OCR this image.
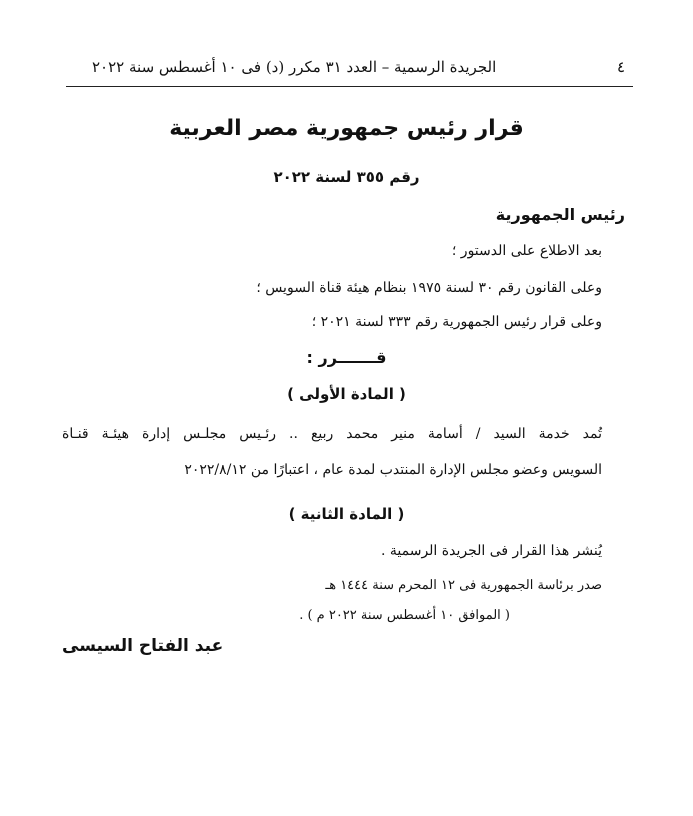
٤
الجريدة الرسمية – العدد ٣١ مكرر (د) فى ١٠ أغسطس سنة ٢٠٢٢
قرار رئيس جمهورية مصر العربية
رقم ٣٥٥ لسنة ٢٠٢٢
رئيس الجمهورية
بعد الاطلاع على الدستور ؛
وعلى القانون رقم ٣٠ لسنة ١٩٧٥ بنظام هيئة قناة السويس ؛
وعلى قرار رئيس الجمهورية رقم ٣٣٣ لسنة ٢٠٢١ ؛
قـــــــرر :
( المادة الأولى )
تُمد خدمة السيد / أسامة منير محمد ربيع .. رئـيس مجلـس إدارة هيئـة قنـاة
السويس وعضو مجلس الإدارة المنتدب لمدة عام ، اعتبارًا من ٢٠٢٢/٨/١٢
( المادة الثانية )
يُنشر هذا القرار فى الجريدة الرسمية .
صدر برئاسة الجمهورية فى ١٢ المحرم سنة ١٤٤٤ هـ
( الموافق ١٠ أغسطس سنة ٢٠٢٢ م ) .
عبد الفتاح السيسى
